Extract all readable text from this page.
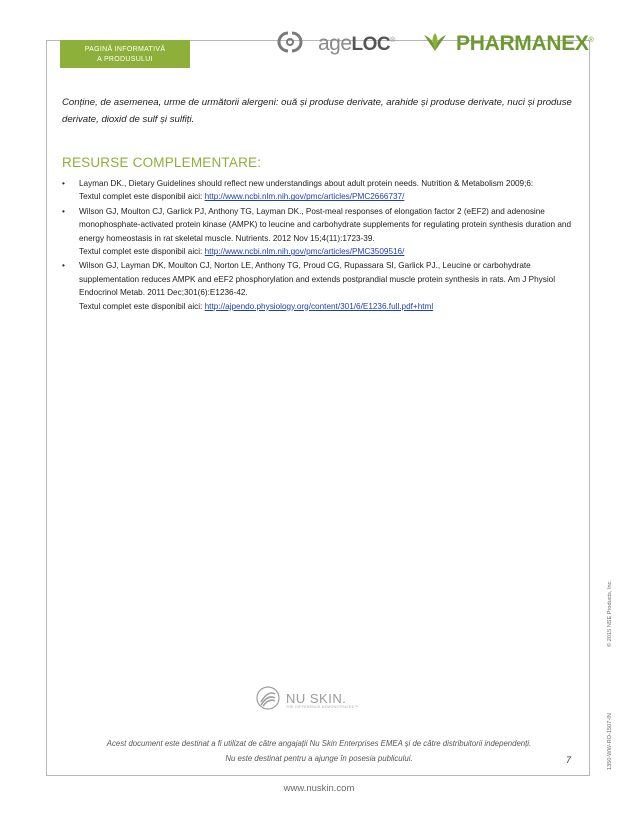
PAGINĂ INFORMATIVĂ
A PRODUSULUI
ageLOC®	PHARMANEX®
Conține, de asemenea, urme de următorii alergeni: ouă și produse derivate, arahide și produse derivate, nuci și produse derivate, dioxid de sulf și sulfiți.
RESURSE COMPLEMENTARE:
• Layman DK., Dietary Guidelines should reflect new understandings about adult protein needs. Nutrition & Metabolism 2009;6:
Textul complet este disponibil aici: http://www.ncbi.nlm.nih.gov/pmc/articles/PMC2666737/
• Wilson GJ, Moulton CJ, Garlick PJ, Anthony TG, Layman DK., Post-meal responses of elongation factor 2 (eEF2) and adenosine monophosphate-activated protein kinase (AMPK) to leucine and carbohydrate supplements for regulating protein synthesis duration and energy homeostasis in rat skeletal muscle. Nutrients. 2012 Nov 15;4(11):1723-39.
Textul complet este disponibil aici: http://www.ncbi.nlm.nih.gov/pmc/articles/PMC3509516/
• Wilson GJ, Layman DK, Moulton CJ, Norton LE, Anthony TG, Proud CG, Rupassara SI, Garlick PJ., Leucine or carbohydrate supplementation reduces AMPK and eEF2 phosphorylation and extends postprandial muscle protein synthesis in rats. Am J Physiol Endocrinol Metab. 2011 Dec;301(6):E1236-42.
Textul complet este disponibil aici: http://ajpendo.physiology.org/content/301/6/E1236.full.pdf+html
NU SKIN.
THE DIFFERENCE DEMONSTRATED™
Acest document este destinat a fi utilizat de către angajații Nu Skin Enterprises EMEA și de către distribuitorii independenți.
Nu este destinat pentru a ajunge în posesia publicului.	7	1350-WW-RO-1507-IN
© 2015 NSE Products, Inc.
www.nuskin.com
